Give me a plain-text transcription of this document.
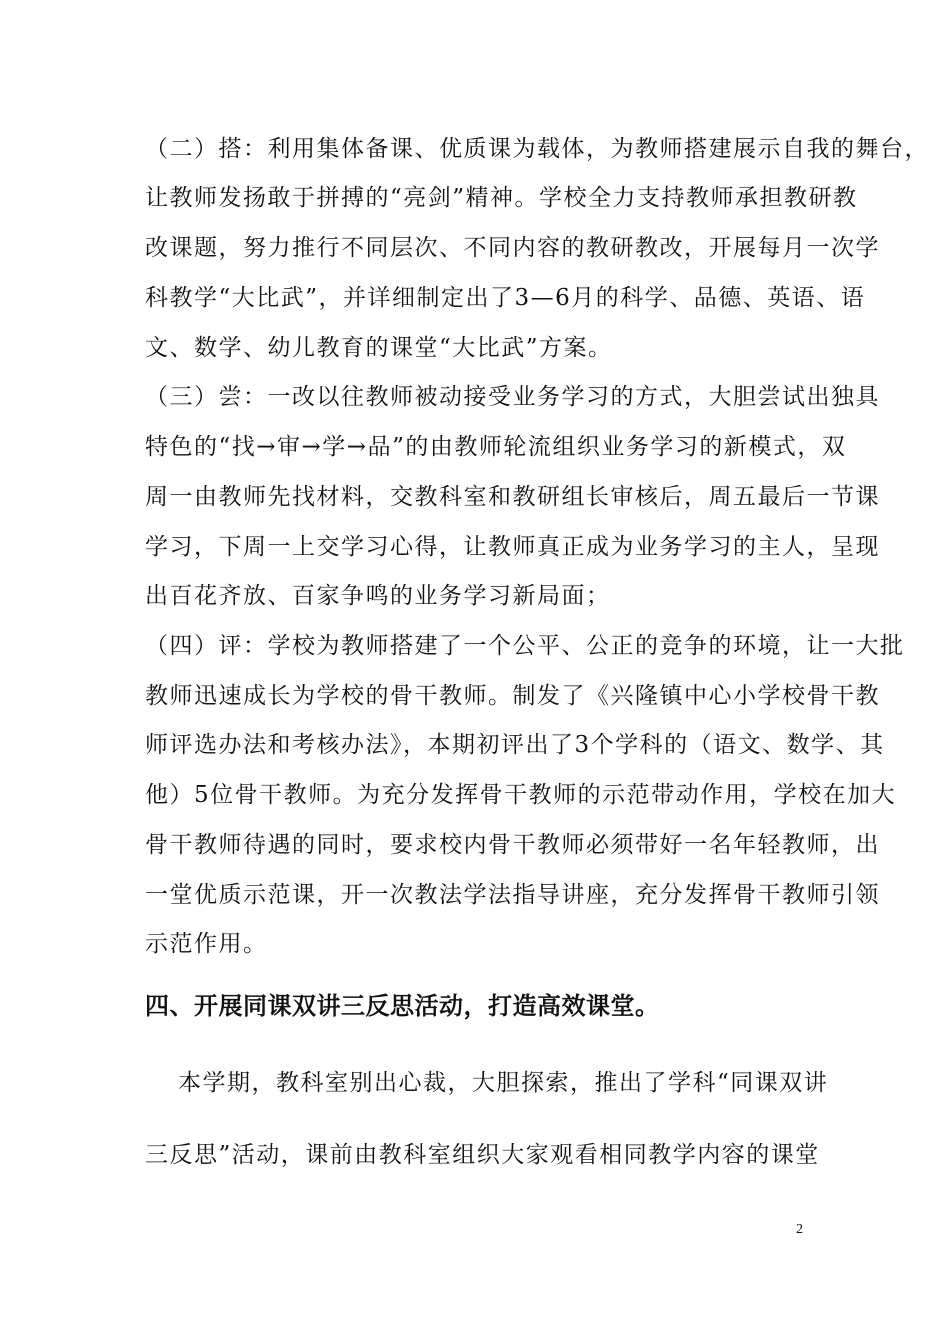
（二）搭：利用集体备课、优质课为载体，为教师搭建展示自我的舞台，
让教师发扬敢于拼搏的“亮剑”精神。学校全力支持教师承担教研教
改课题，努力推行不同层次、不同内容的教研教改，开展每月一次学
科教学“大比武”，并详细制定出了3—6月的科学、品德、英语、语
文、数学、幼儿教育的课堂“大比武”方案。
（三）尝：一改以往教师被动接受业务学习的方式，大胆尝试出独具
特色的“找→审→学→品”的由教师轮流组织业务学习的新模式，双
周一由教师先找材料，交教科室和教研组长审核后，周五最后一节课
学习，下周一上交学习心得，让教师真正成为业务学习的主人，呈现
出百花齐放、百家争鸣的业务学习新局面；
（四）评：学校为教师搭建了一个公平、公正的竞争的环境，让一大批
教师迅速成长为学校的骨干教师。制发了《兴隆镇中心小学校骨干教
师评选办法和考核办法》，本期初评出了3个学科的（语文、数学、其
他）5位骨干教师。为充分发挥骨干教师的示范带动作用，学校在加大
骨干教师待遇的同时，要求校内骨干教师必须带好一名年轻教师，出
一堂优质示范课，开一次教法学法指导讲座，充分发挥骨干教师引领
示范作用。
四、开展同课双讲三反思活动，打造高效课堂。
本学期，教科室别出心裁，大胆探索，推出了学科“同课双讲
三反思”活动，课前由教科室组织大家观看相同教学内容的课堂
2
